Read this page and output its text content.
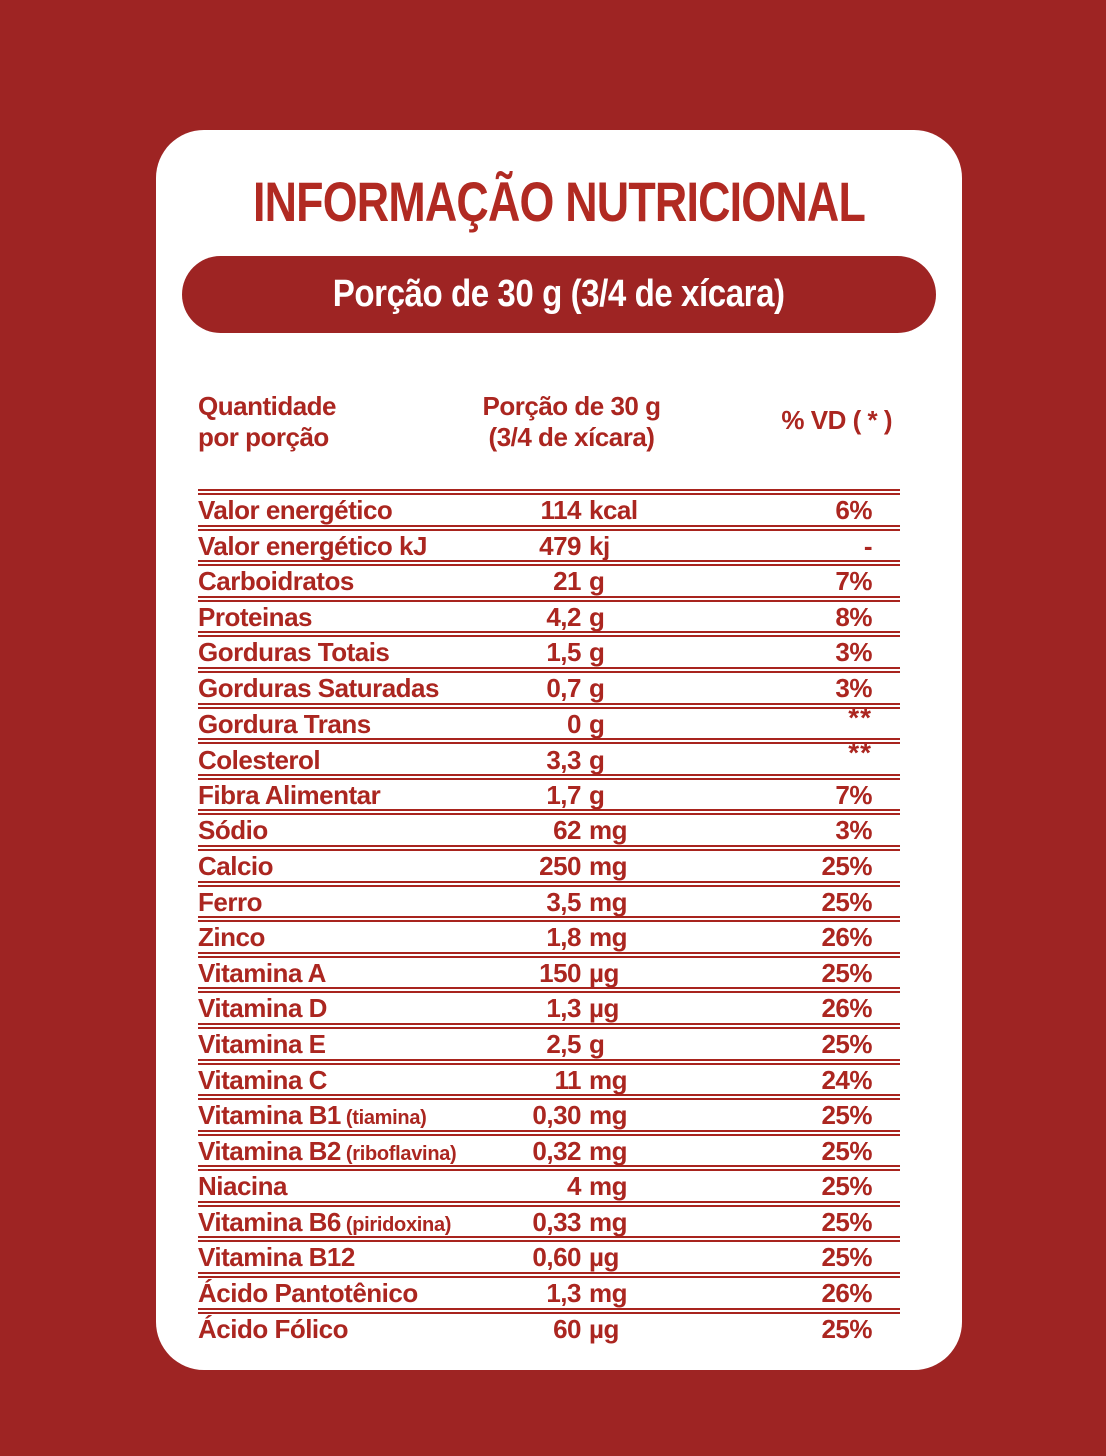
INFORMAÇÃO NUTRICIONAL
Porção de 30 g (3/4 de xícara)
Quantidade
por porção
Porção de 30 g
(3/4 de xícara)
% VD ( * )
Valor energético	114 kcal	6%
Valor energético kJ	479 kj	-
Carboidratos	21 g	7%
Proteinas	4,2 g	8%
Gorduras Totais	1,5 g	3%
Gorduras Saturadas	0,7 g	3%
Gordura Trans	0 g	**
Colesterol	3,3 g	**
Fibra Alimentar	1,7 g	7%
Sódio	62 mg	3%
Calcio	250 mg	25%
Ferro	3,5 mg	25%
Zinco	1,8 mg	26%
Vitamina A	150 µg	25%
Vitamina D	1,3 µg	26%
Vitamina E	2,5 g	25%
Vitamina C	11 mg	24%
Vitamina B1 (tiamina)	0,30 mg	25%
Vitamina B2 (riboflavina)	0,32 mg	25%
Niacina	4 mg	25%
Vitamina B6 (piridoxina)	0,33 mg	25%
Vitamina B12	0,60 µg	25%
Ácido Pantotênico	1,3 mg	26%
Ácido Fólico	60 µg	25%
